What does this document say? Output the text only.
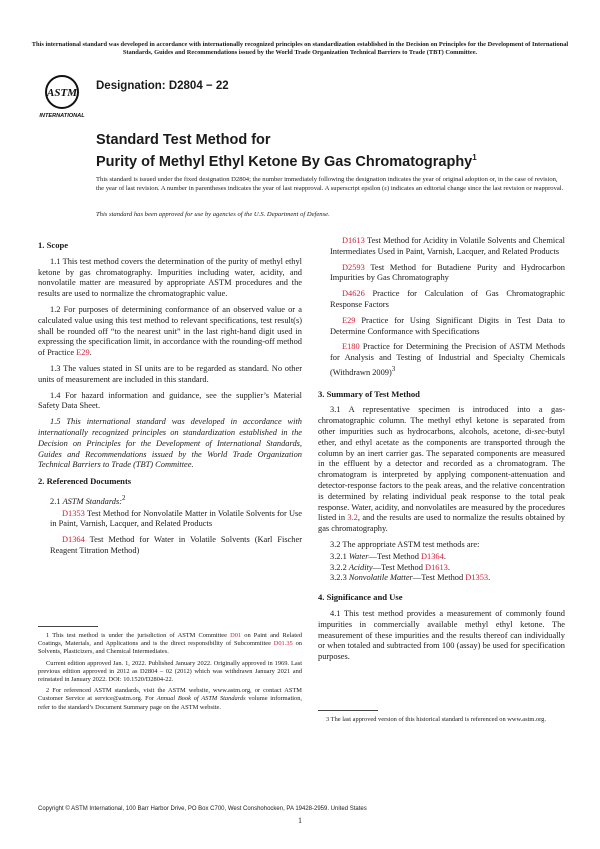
This international standard was developed in accordance with internationally recognized principles on standardization established in the Decision on Principles for the Development of International Standards, Guides and Recommendations issued by the World Trade Organization Technical Barriers to Trade (TBT) Committee.
ASTM
INTERNATIONAL
Designation: D2804 − 22
Standard Test Method for
Purity of Methyl Ethyl Ketone By Gas Chromatography$^1$
This standard is issued under the fixed designation D2804; the number immediately following the designation indicates the year of original adoption or, in the case of revision, the year of last revision. A number in parentheses indicates the year of last reapproval. A superscript epsilon (ε) indicates an editorial change since the last revision or reapproval.
This standard has been approved for use by agencies of the U.S. Department of Defense.
1. Scope

1.1 This test method covers the determination of the purity of methyl ethyl ketone by gas chromatography. Impurities including water, acidity, and nonvolatile matter are measured by appropriate ASTM procedures and the results are used to normalize the chromatographic value.

1.2 For purposes of determining conformance of an observed value or a calculated value using this test method to relevant specifications, test result(s) shall be rounded off “to the nearest unit” in the last right-hand digit used in expressing the specification limit, in accordance with the rounding-off method of Practice E29.

1.3 The values stated in SI units are to be regarded as standard. No other units of measurement are included in this standard.

1.4 For hazard information and guidance, see the supplier’s Material Safety Data Sheet.

1.5 This international standard was developed in accordance with internationally recognized principles on standardization established in the Decision on Principles for the Development of International Standards, Guides and Recommendations issued by the World Trade Organization Technical Barriers to Trade (TBT) Committee.

2. Referenced Documents

2.1 ASTM Standards:$^2$

D1353 Test Method for Nonvolatile Matter in Volatile Solvents for Use in Paint, Varnish, Lacquer, and Related Products

D1364 Test Method for Water in Volatile Solvents (Karl Fischer Reagent Titration Method)

D1613 Test Method for Acidity in Volatile Solvents and Chemical Intermediates Used in Paint, Varnish, Lacquer, and Related Products

D2593 Test Method for Butadiene Purity and Hydrocarbon Impurities by Gas Chromatography

D4626 Practice for Calculation of Gas Chromatographic Response Factors

E29 Practice for Using Significant Digits in Test Data to Determine Conformance with Specifications

E180 Practice for Determining the Precision of ASTM Methods for Analysis and Testing of Industrial and Specialty Chemicals (Withdrawn 2009)$^3$

3. Summary of Test Method

3.1 A representative specimen is introduced into a gas-chromatographic column. The methyl ethyl ketone is separated from other impurities such as hydrocarbons, alcohols, acetone, di-sec-butyl ether, and ethyl acetate as the components are transported through the column by an inert carrier gas. The separated components are measured in the effluent by a detector and recorded as a chromatogram. The chromatogram is interpreted by applying component-attenuation and detector-response factors to the peak areas, and the relative concentration is determined by relating individual peak response to the total peak response. Water, acidity, and nonvolatiles are measured by the procedures listed in 3.2, and the results are used to normalize the results obtained by gas chromatography.

3.2 The appropriate ASTM test methods are:

3.2.1 Water—Test Method D1364.

3.2.2 Acidity—Test Method D1613.

3.2.3 Nonvolatile Matter—Test Method D1353.

4. Significance and Use

4.1 This test method provides a measurement of commonly found impurities in commercially available methyl ethyl ketone. The measurement of these impurities and the results thereof can individually or when totaled and subtracted from 100 (assay) be used for specification purposes.

1 This test method is under the jurisdiction of ASTM Committee D01 on Paint and Related Coatings, Materials, and Applications and is the direct responsibility of Subcommittee D01.35 on Solvents, Plasticizers, and Chemical Intermediates.

Current edition approved Jan. 1, 2022. Published January 2022. Originally approved in 1969. Last previous edition approved in 2012 as D2804 – 02 (2012) which was withdrawn January 2021 and reinstated in January 2022. DOI: 10.1520/D2804-22.

2 For referenced ASTM standards, visit the ASTM website, www.astm.org, or contact ASTM Customer Service at service@astm.org. For Annual Book of ASTM Standards volume information, refer to the standard’s Document Summary page on the ASTM website.

3 The last approved version of this historical standard is referenced on www.astm.org.

Copyright © ASTM International, 100 Barr Harbor Drive, PO Box C700, West Conshohocken, PA 19428-2959. United States
1
